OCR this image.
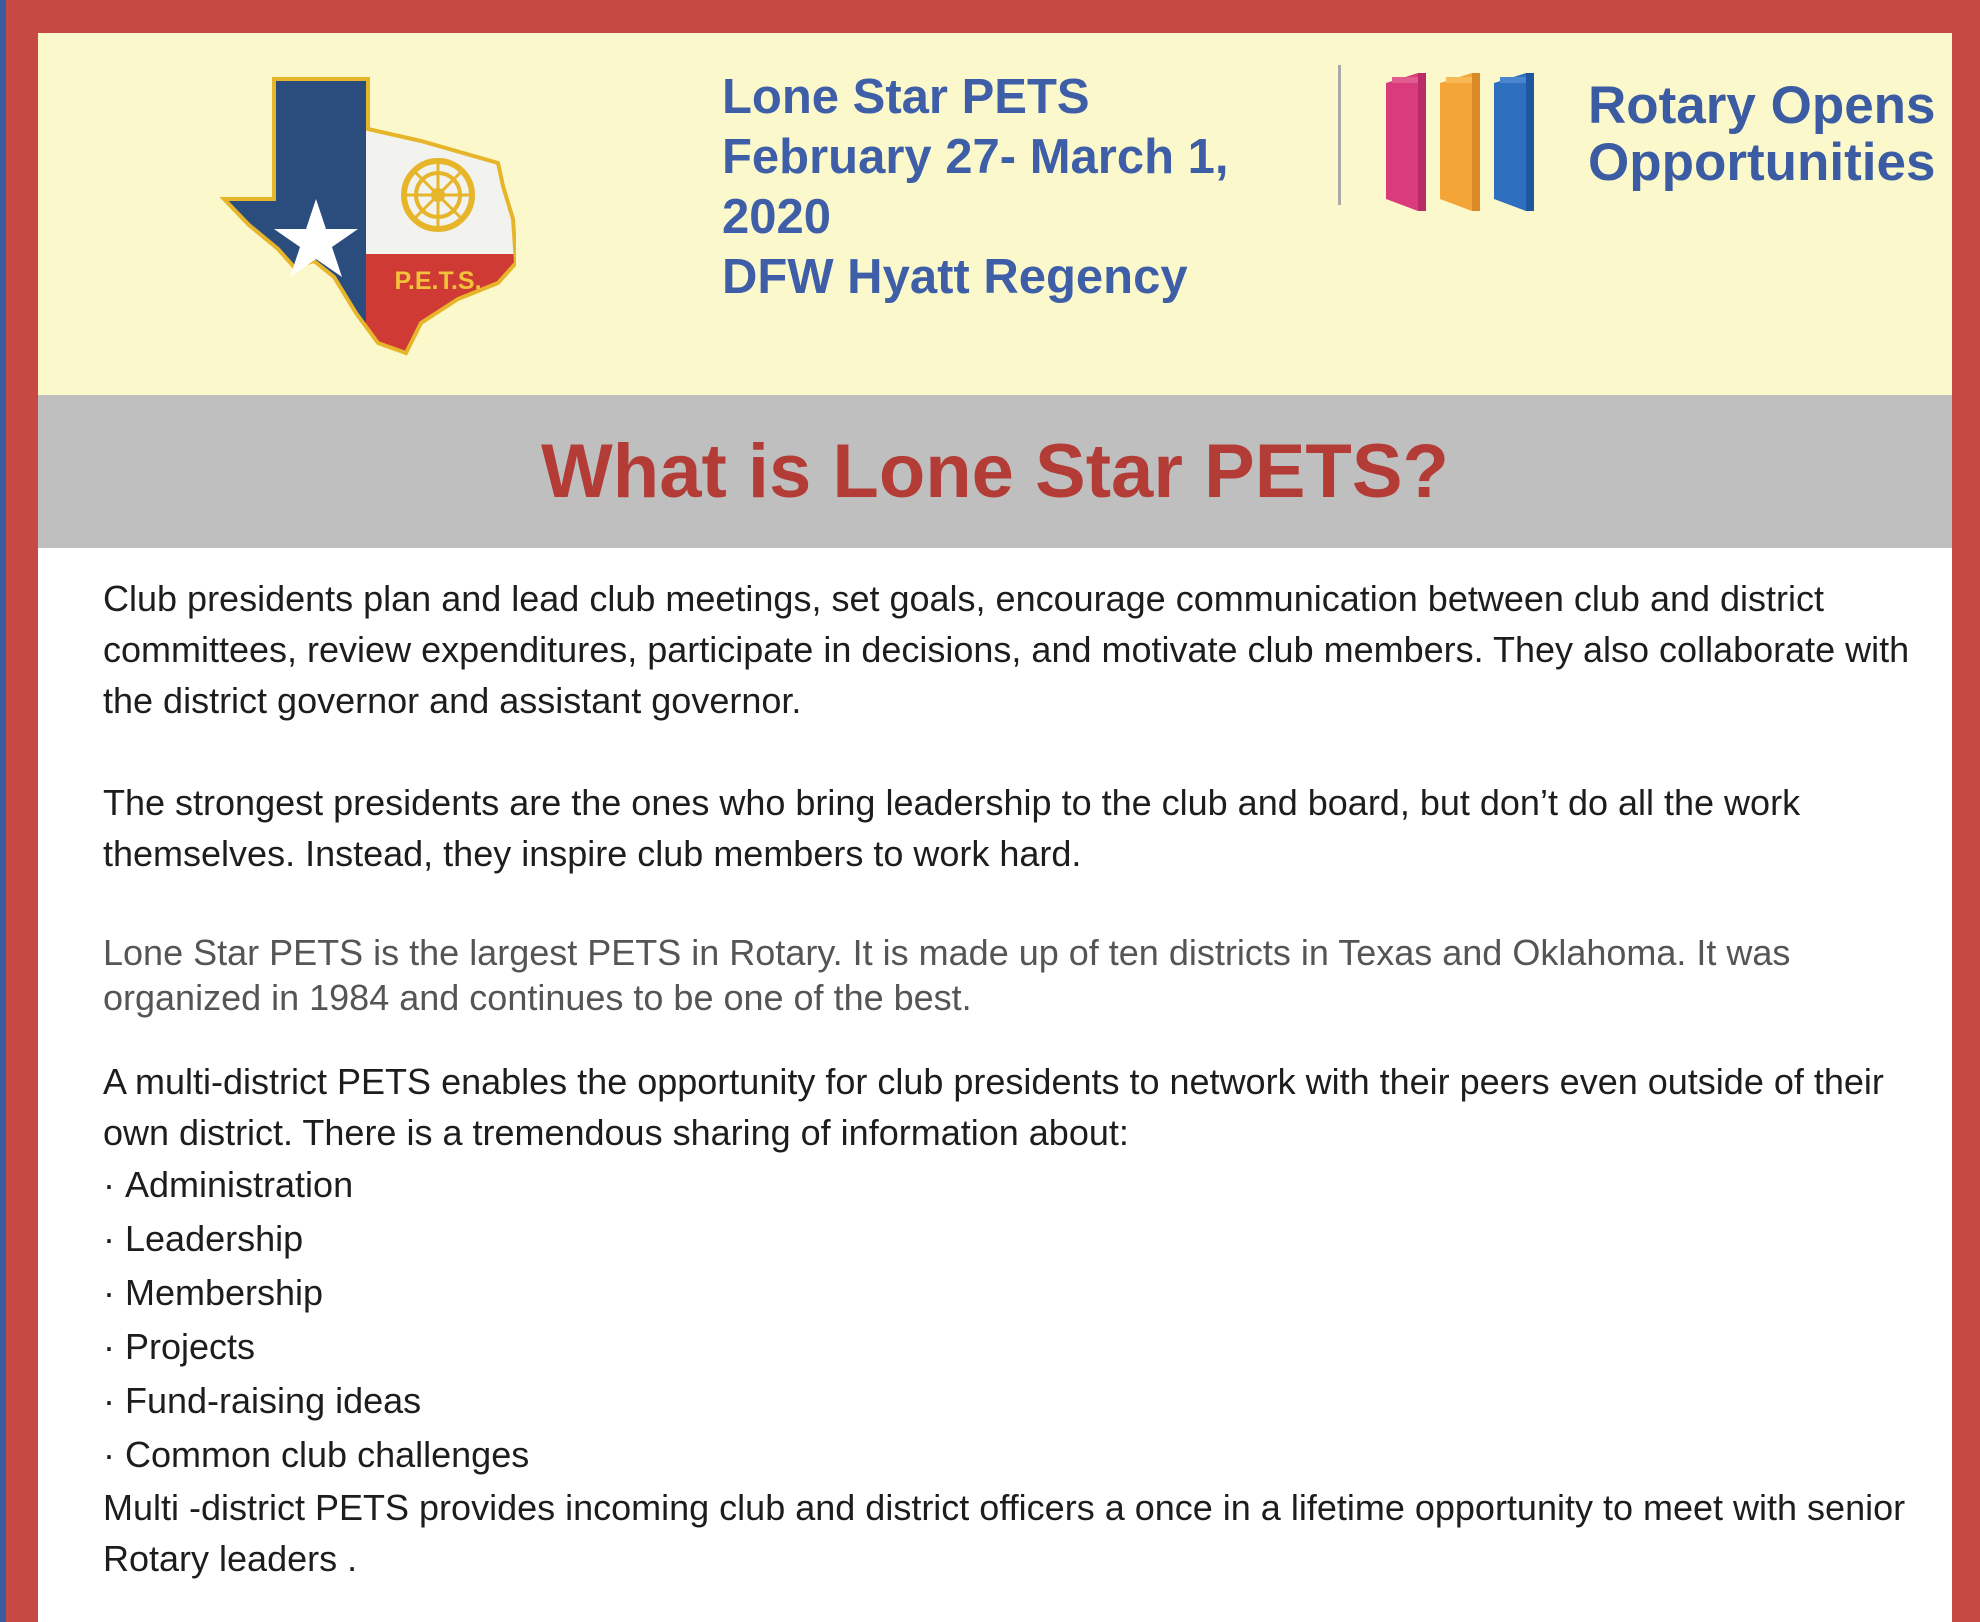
P.E.T.S.
Lone Star PETS
February 27- March 1,
2020
DFW Hyatt Regency
Rotary Opens
Opportunities
What is Lone Star PETS?

Club presidents plan and lead club meetings, set goals, encourage communication between club and district committees, review expenditures, participate in decisions, and motivate club members. They also collaborate with the district governor and assistant governor.

The strongest presidents are the ones who bring leadership to the club and board, but don’t do all the work themselves. Instead, they inspire club members to work hard.

Lone Star PETS is the largest PETS in Rotary. It is made up of ten districts in Texas and Oklahoma. It was organized in 1984 and continues to be one of the best.

A multi-district PETS enables the opportunity for club presidents to network with their peers even outside of their own district. There is a tremendous sharing of information about:

· Administration
· Leadership
· Membership
· Projects
· Fund-raising ideas
· Common club challenges

Multi -district PETS provides incoming club and district officers a once in a lifetime opportunity to meet with senior Rotary leaders .
